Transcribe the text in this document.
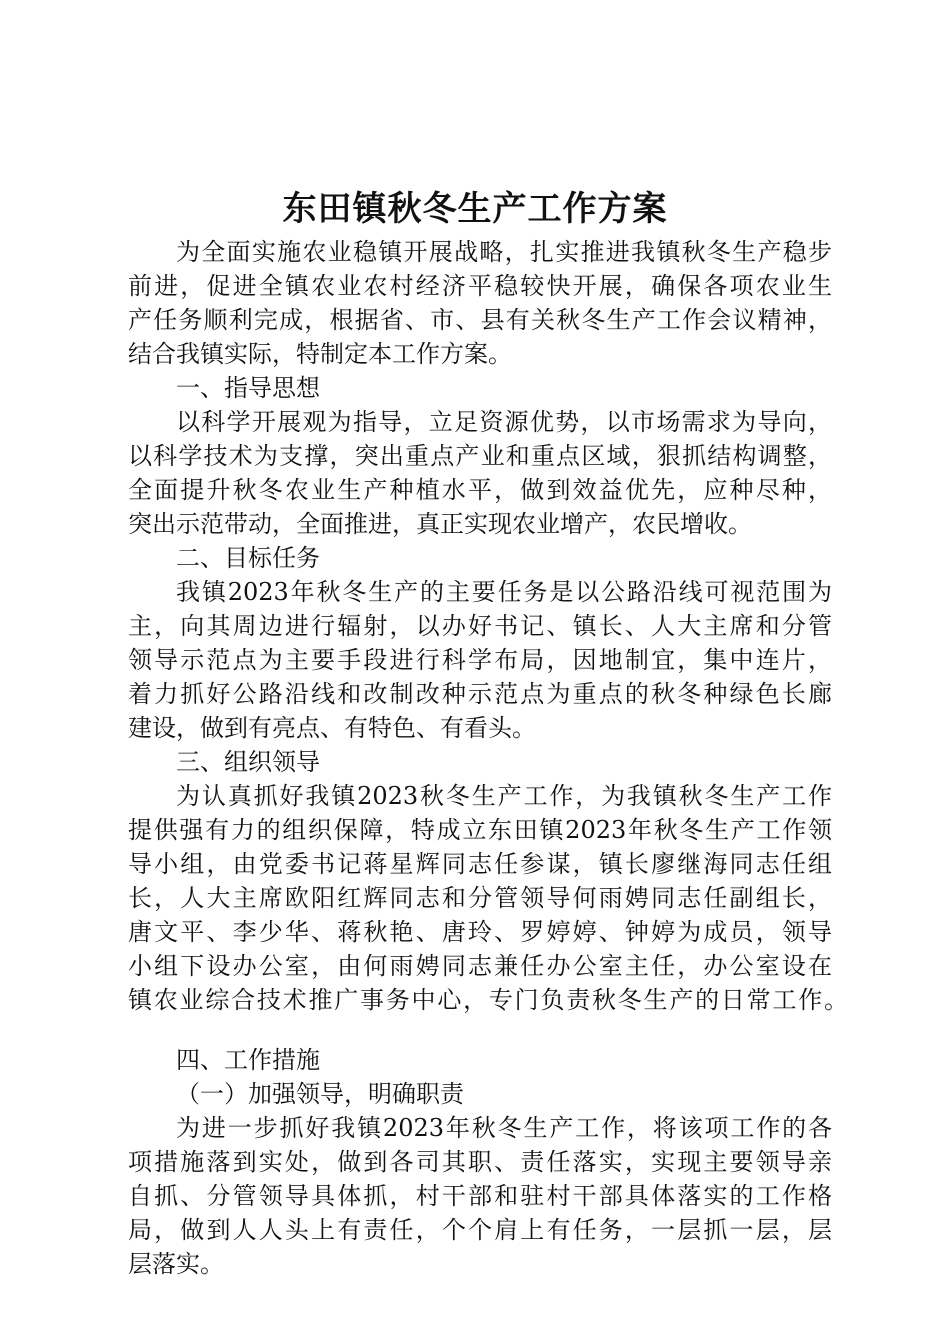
东田镇秋冬生产工作方案

为全面实施农业稳镇开展战略，扎实推进我镇秋冬生产稳步

前进，促进全镇农业农村经济平稳较快开展，确保各项农业生

产任务顺利完成，根据省、市、县有关秋冬生产工作会议精神，

结合我镇实际，特制定本工作方案。

一、指导思想

以科学开展观为指导，立足资源优势，以市场需求为导向，

以科学技术为支撑，突出重点产业和重点区域，狠抓结构调整，

全面提升秋冬农业生产种植水平，做到效益优先，应种尽种，

突出示范带动，全面推进，真正实现农业增产，农民增收。

二、目标任务

我镇2023年秋冬生产的主要任务是以公路沿线可视范围为

主，向其周边进行辐射，以办好书记、镇长、人大主席和分管

领导示范点为主要手段进行科学布局，因地制宜，集中连片，

着力抓好公路沿线和改制改种示范点为重点的秋冬种绿色长廊

建设，做到有亮点、有特色、有看头。

三、组织领导

为认真抓好我镇2023秋冬生产工作，为我镇秋冬生产工作

提供强有力的组织保障，特成立东田镇2023年秋冬生产工作领

导小组，由党委书记蒋星辉同志任参谋，镇长廖继海同志任组

长，人大主席欧阳红辉同志和分管领导何雨娉同志任副组长，

唐文平、李少华、蒋秋艳、唐玲、罗婷婷、钟婷为成员，领导

小组下设办公室，由何雨娉同志兼任办公室主任，办公室设在

镇农业综合技术推广事务中心，专门负责秋冬生产的日常工作。

四、工作措施

（一）加强领导，明确职责

为进一步抓好我镇2023年秋冬生产工作，将该项工作的各

项措施落到实处，做到各司其职、责任落实，实现主要领导亲

自抓、分管领导具体抓，村干部和驻村干部具体落实的工作格

局，做到人人头上有责任，个个肩上有任务，一层抓一层，层

层落实。
